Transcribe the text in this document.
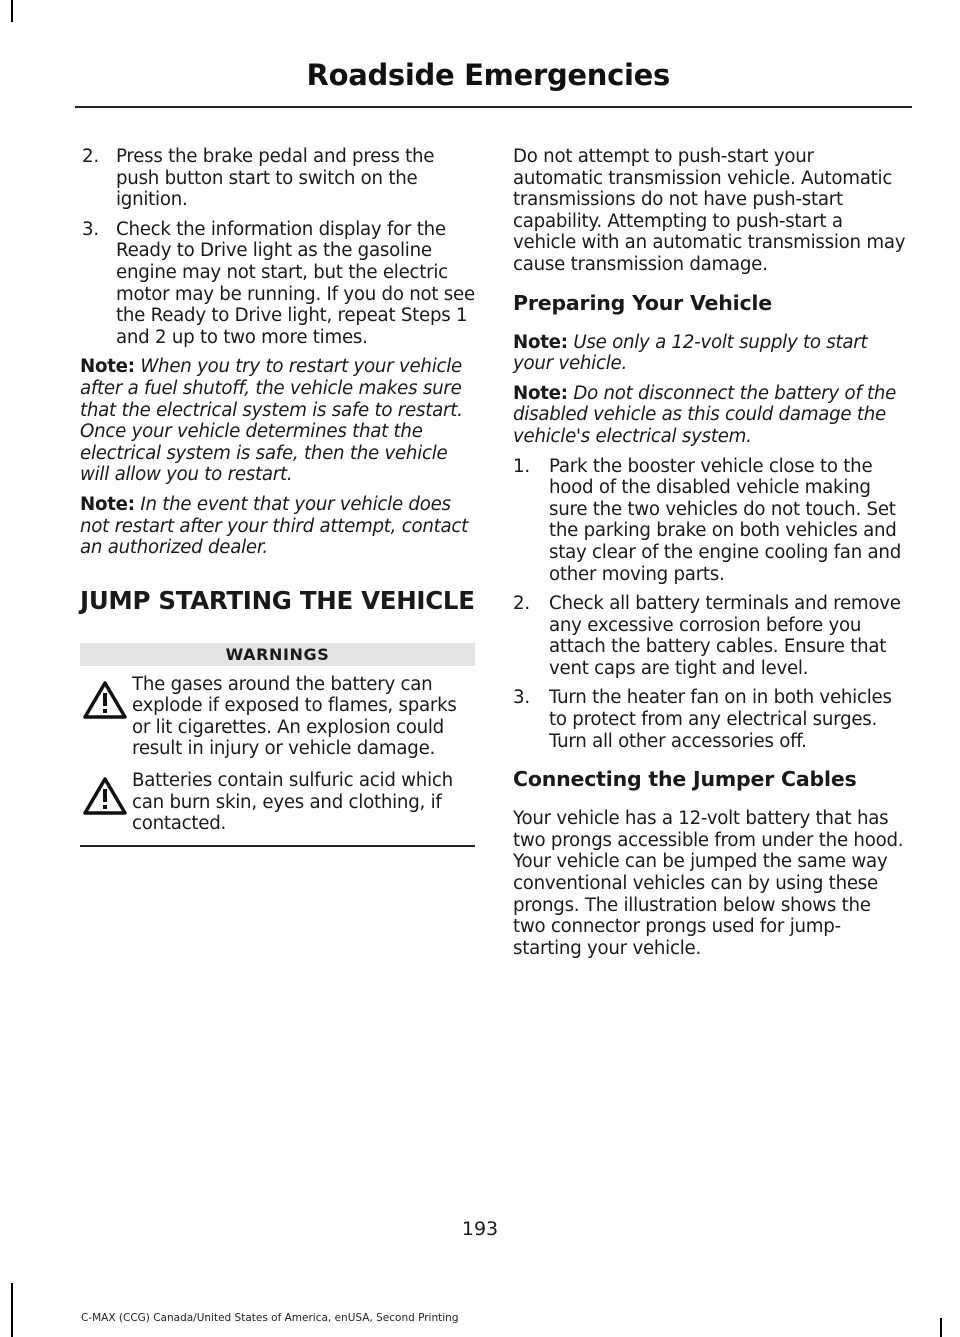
Roadside Emergencies
2. Press the brake pedal and press the push button start to switch on the ignition.
3. Check the information display for the Ready to Drive light as the gasoline engine may not start, but the electric motor may be running. If you do not see the Ready to Drive light, repeat Steps 1 and 2 up to two more times.

Note: When you try to restart your vehicle after a fuel shutoff, the vehicle makes sure that the electrical system is safe to restart. Once your vehicle determines that the electrical system is safe, then the vehicle will allow you to restart.

Note: In the event that your vehicle does not restart after your third attempt, contact an authorized dealer.

JUMP STARTING THE VEHICLE
WARNINGS
The gases around the battery can explode if exposed to flames, sparks or lit cigarettes. An explosion could result in injury or vehicle damage.
Batteries contain sulfuric acid which can burn skin, eyes and clothing, if contacted.

Do not attempt to push-start your automatic transmission vehicle. Automatic transmissions do not have push-start capability. Attempting to push-start a vehicle with an automatic transmission may cause transmission damage.

Preparing Your Vehicle

Note: Use only a 12-volt supply to start your vehicle.

Note: Do not disconnect the battery of the disabled vehicle as this could damage the vehicle's electrical system.

1. Park the booster vehicle close to the hood of the disabled vehicle making sure the two vehicles do not touch. Set the parking brake on both vehicles and stay clear of the engine cooling fan and other moving parts.
2. Check all battery terminals and remove any excessive corrosion before you attach the battery cables. Ensure that vent caps are tight and level.
3. Turn the heater fan on in both vehicles to protect from any electrical surges. Turn all other accessories off.
Connecting the Jumper Cables

Your vehicle has a 12-volt battery that has two prongs accessible from under the hood. Your vehicle can be jumped the same way conventional vehicles can by using these prongs. The illustration below shows the two connector prongs used for jump-starting your vehicle.

193
C-MAX (CCG) Canada/United States of America, enUSA, Second Printing
